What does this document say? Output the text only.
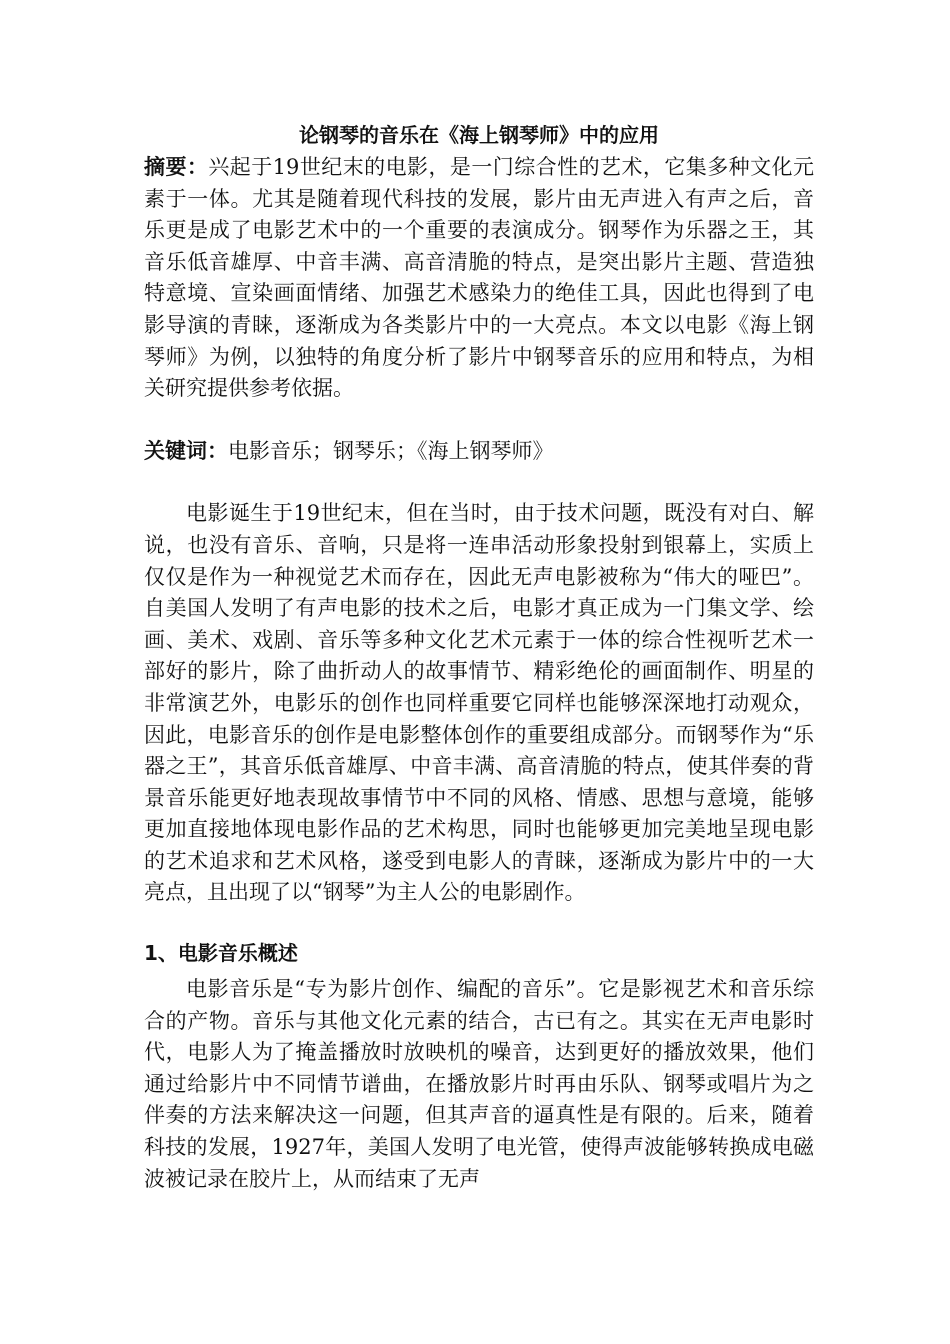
论钢琴的音乐在《海上钢琴师》中的应用

摘要：兴起于19世纪末的电影，是一门综合性的艺术，它集多种文化元素于一体。尤其是随着现代科技的发展，影片由无声进入有声之后，音乐更是成了电影艺术中的一个重要的表演成分。钢琴作为乐器之王，其音乐低音雄厚、中音丰满、高音清脆的特点，是突出影片主题、营造独特意境、宣染画面情绪、加强艺术感染力的绝佳工具，因此也得到了电影导演的青睐，逐渐成为各类影片中的一大亮点。本文以电影《海上钢琴师》为例，以独特的角度分析了影片中钢琴音乐的应用和特点，为相关研究提供参考依据。

关键词：电影音乐；钢琴乐；《海上钢琴师》

电影诞生于19世纪末，但在当时，由于技术问题，既没有对白、解说，也没有音乐、音响，只是将一连串活动形象投射到银幕上，实质上仅仅是作为一种视觉艺术而存在，因此无声电影被称为“伟大的哑巴”。自美国人发明了有声电影的技术之后，电影才真正成为一门集文学、绘画、美术、戏剧、音乐等多种文化艺术元素于一体的综合性视听艺术一部好的影片，除了曲折动人的故事情节、精彩绝伦的画面制作、明星的非常演艺外，电影乐的创作也同样重要它同样也能够深深地打动观众，因此，电影音乐的创作是电影整体创作的重要组成部分。而钢琴作为“乐器之王”，其音乐低音雄厚、中音丰满、高音清脆的特点，使其伴奏的背景音乐能更好地表现故事情节中不同的风格、情感、思想与意境，能够更加直接地体现电影作品的艺术构思，同时也能够更加完美地呈现电影的艺术追求和艺术风格，遂受到电影人的青睐，逐渐成为影片中的一大亮点，且出现了以“钢琴”为主人公的电影剧作。

1、电影音乐概述

电影音乐是“专为影片创作、编配的音乐”。它是影视艺术和音乐综合的产物。音乐与其他文化元素的结合，古已有之。其实在无声电影时代，电影人为了掩盖播放时放映机的噪音，达到更好的播放效果，他们通过给影片中不同情节谱曲，在播放影片时再由乐队、钢琴或唱片为之伴奏的方法来解决这一问题，但其声音的逼真性是有限的。后来，随着科技的发展，1927年，美国人发明了电光管，使得声波能够转换成电磁波被记录在胶片上，从而结束了无声
